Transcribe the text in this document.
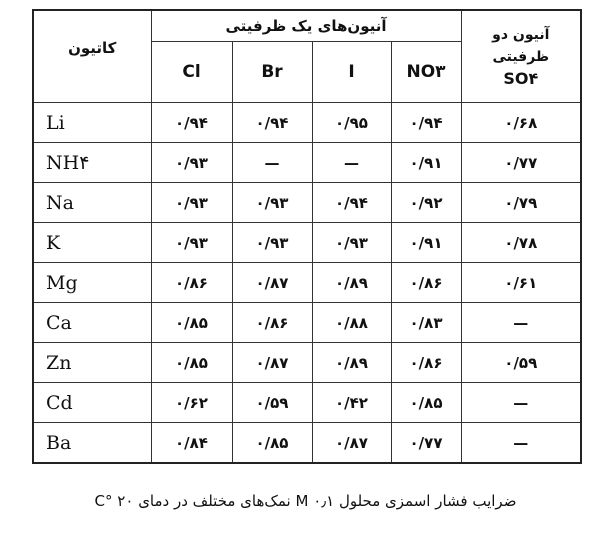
کاتیون	آنیون‌های یک ظرفیتی				آنیون دو
ظرفیتی
SO۴

	Cl	Br	I	NO۳	
Li	۰/۹۴	۰/۹۴	۰/۹۵	۰/۹۴	۰/۶۸
NH۴	۰/۹۳	—	—	۰/۹۱	۰/۷۷
Na	۰/۹۳	۰/۹۳	۰/۹۴	۰/۹۲	۰/۷۹
K	۰/۹۳	۰/۹۳	۰/۹۳	۰/۹۱	۰/۷۸
Mg	۰/۸۶	۰/۸۷	۰/۸۹	۰/۸۶	۰/۶۱
Ca	۰/۸۵	۰/۸۶	۰/۸۸	۰/۸۳	—
Zn	۰/۸۵	۰/۸۷	۰/۸۹	۰/۸۶	۰/۵۹
Cd	۰/۶۲	۰/۵۹	۰/۴۲	۰/۸۵	—
Ba	۰/۸۴	۰/۸۵	۰/۸۷	۰/۷۷	—
ضرایب فشار اسمزی محلول ۰٫۱ M نمک‌های مختلف در دمای ۲۰ °C
